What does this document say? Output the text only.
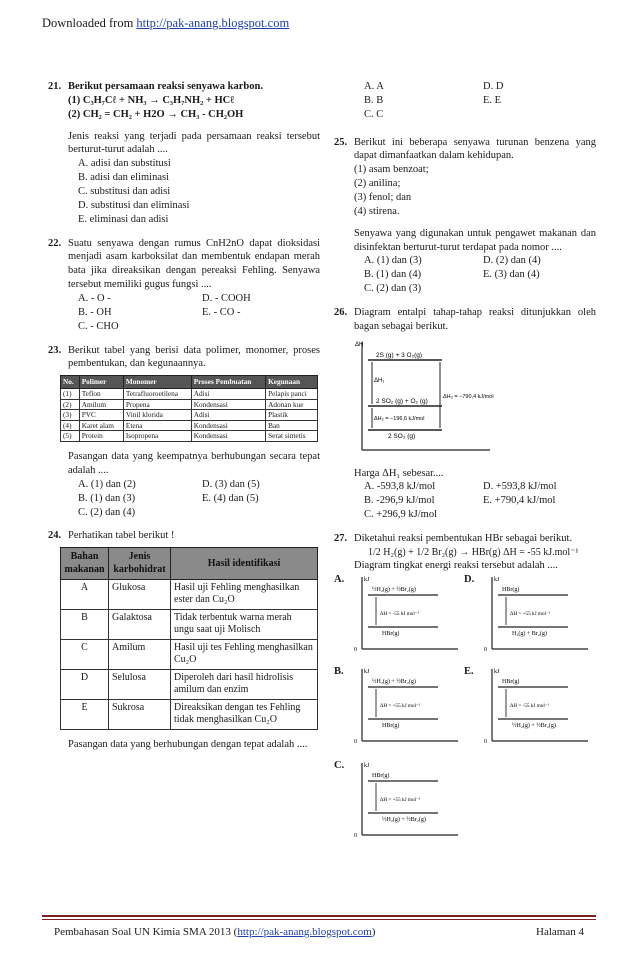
Downloaded from http://pak-anang.blogspot.com
21. Berikut persamaan reaksi senyawa karbon.
(1) C₃H₇Cℓ + NH₃ → C₃H₇NH₂ + HCℓ
(2) CH₂ = CH₂ + H2O → CH₃ - CH₂OH
Jenis reaksi yang terjadi pada persamaan reaksi tersebut berturut-turut adalah ....
A. adisi dan substitusi
B. adisi dan eliminasi
C. substitusi dan adisi
D. substitusi dan eliminasi
E. eliminasi dan adisi
22. Suatu senyawa dengan rumus CnH2nO dapat dioksidasi menjadi asam karboksilat dan membentuk endapan merah bata jika direaksikan dengan pereaksi Fehling. Senyawa tersebut memiliki gugus fungsi ....
A. - O -	D. - COOH
B. - OH	E. - CO -
C. - CHO
23. Berikut tabel yang berisi data polimer, monomer, proses pembentukan, dan kegunaannya.
No.	Polimer	Monomer	Proses Pembuatan	Kegunaan
(1)	Teflon	Tetrafluoroetilena	Adisi	Pelapis panci
(2)	Amilum	Propena	Kondensasi	Adonan kue
(3)	PVC	Vinil klorida	Adisi	Plastik
(4)	Karet alam	Etena	Kondensasi	Ban
(5)	Protein	Isopropena	Kondensasi	Serat sintetis
Pasangan data yang keempatnya berhubungan secara tepat adalah ....
A. (1) dan (2)	D. (3) dan (5)
B. (1) dan (3)	E. (4) dan (5)
C. (2) dan (4)
24. Perhatikan tabel berikut !
Bahan makanan	Jenis karbohidrat	Hasil identifikasi
A	Glukosa	Hasil uji Fehling menghasilkan ester dan Cu₂O
B	Galaktosa	Tidak terbentuk warna merah ungu saat uji Molisch
C	Amilum	Hasil uji tes Fehling menghasilkan Cu₂O
D	Selulosa	Diperoleh dari hasil hidrolisis amilum dan enzim
E	Sukrosa	Direaksikan dengan tes Fehling tidak menghasilkan Cu₂O
Pasangan data yang berhubungan dengan tepat adalah ....
A. A	D. D
B. B	E. E
C. C
25. Berikut ini beberapa senyawa turunan benzena yang dapat dimanfaatkan dalam kehidupan.
(1) asam benzoat;
(2) anilina;
(3) fenol; dan
(4) stirena.
Senyawa yang digunakan untuk pengawet makanan dan disinfektan berturut-turut terdapat pada nomor ....
A. (1) dan (3)	D. (2) dan (4)
B. (1) dan (4)	E. (3) dan (4)
C. (2) dan (3)
26. Diagram entalpi tahap-tahap reaksi ditunjukkan oleh bagan sebagai berikut.
ΔH
2S (g) + 3 O₂(g)
2 SO₂ (g) + O₂ (g)
2 SO₃ (g)
ΔH₁
ΔH₂ = −196,6 kJ/mol
ΔH₃ = −790,4 kJ/mol
Harga ΔH₁ sebesar....
A. -593,8 kJ/mol	D. +593,8 kJ/mol
B. -296,9 kJ/mol	E. +790,4 kJ/mol
C. +296,9 kJ/mol
27. Diketahui reaksi pembentukan HBr sebagai berikut.
1/2 H₂(g) + 1/2 Br₂(g) → HBr(g) ΔH = -55 kJ.mol⁻¹
Diagram tingkat energi reaksi tersebut adalah ....
A.	kJ
0
½H₂(g) + ½Br₂(g)
ΔH = -55 kJ mol⁻¹
HBr(g)
D.	kJ
0
HBr(g)
ΔH = +55 kJ mol⁻¹
H₂(g) + Br₂(g)
B.	kJ
0
½H₂(g) + ½Br₂(g)
ΔH = +55 kJ mol⁻¹
HBr(g)
E.	kJ
0
HBr(g)
ΔH = -55 kJ mol⁻¹
½H₂(g) + ½Br₂(g)
C.	kJ
0
HBr(g)
ΔH = +55 kJ mol⁻¹
½H₂(g) + ½Br₂(g)
Pembahasan Soal UN Kimia SMA 2013 (http://pak-anang.blogspot.com)	Halaman 4
